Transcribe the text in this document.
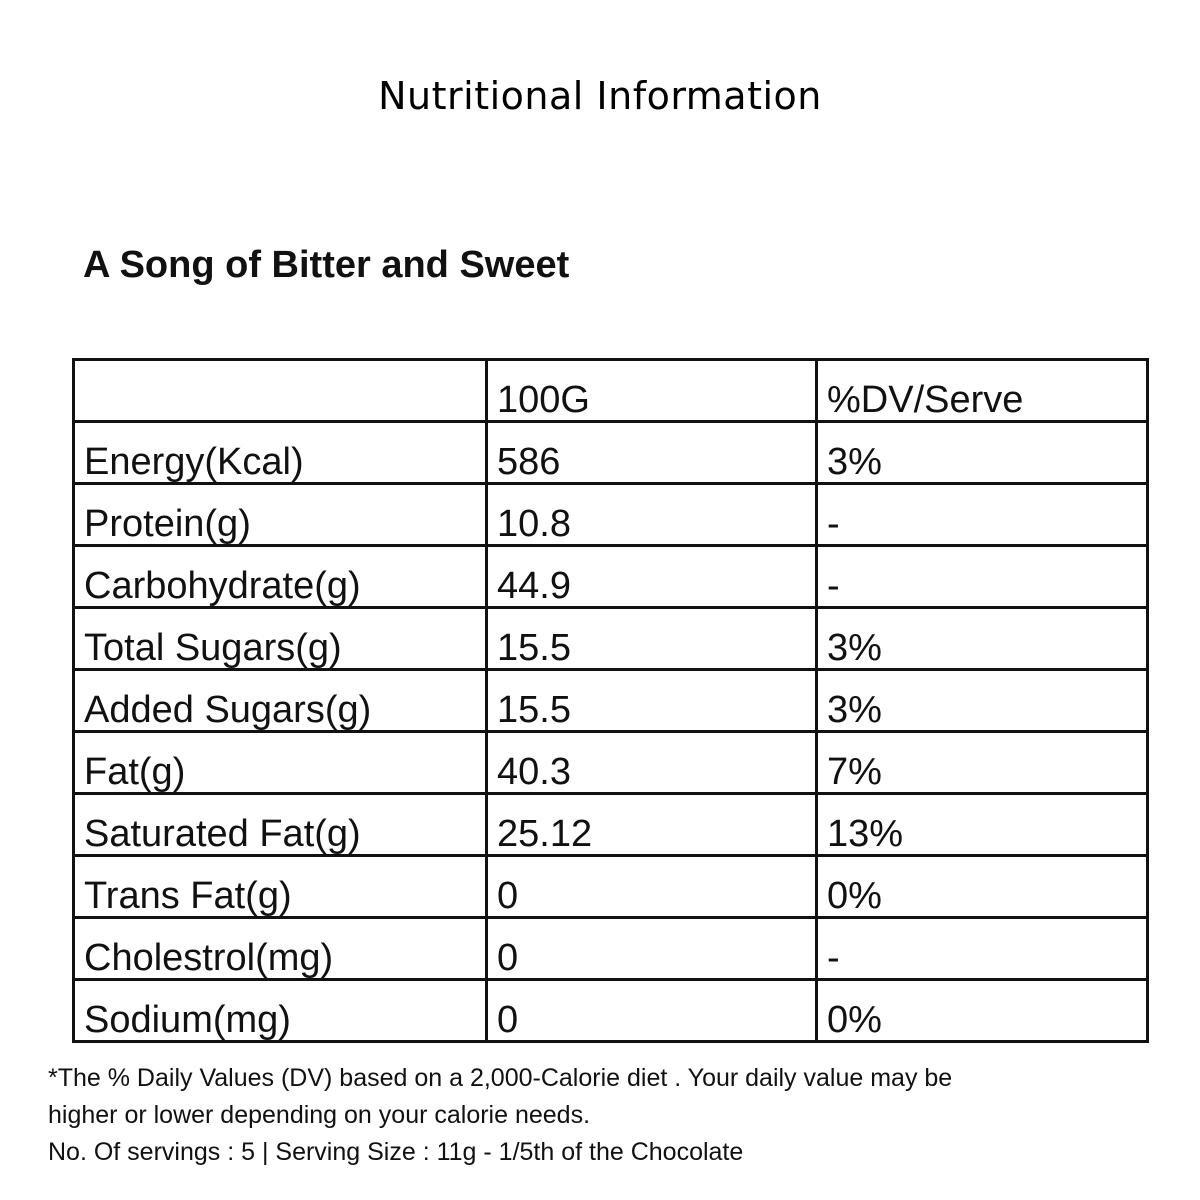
Nutritional Information
A Song of Bitter and Sweet
	100G	%DV/Serve
Energy(Kcal)	586	3%
Protein(g)	10.8	-
Carbohydrate(g)	44.9	-
Total Sugars(g)	15.5	3%
Added Sugars(g)	15.5	3%
Fat(g)	40.3	7%
Saturated Fat(g)	25.12	13%
Trans Fat(g)	0	0%
Cholestrol(mg)	0	-
Sodium(mg)	0	0%
*The % Daily Values (DV) based on a 2,000-Calorie diet . Your daily value may be
higher or lower depending on your calorie needs.
No. Of servings : 5 | Serving Size : 11g - 1/5th of the Chocolate
